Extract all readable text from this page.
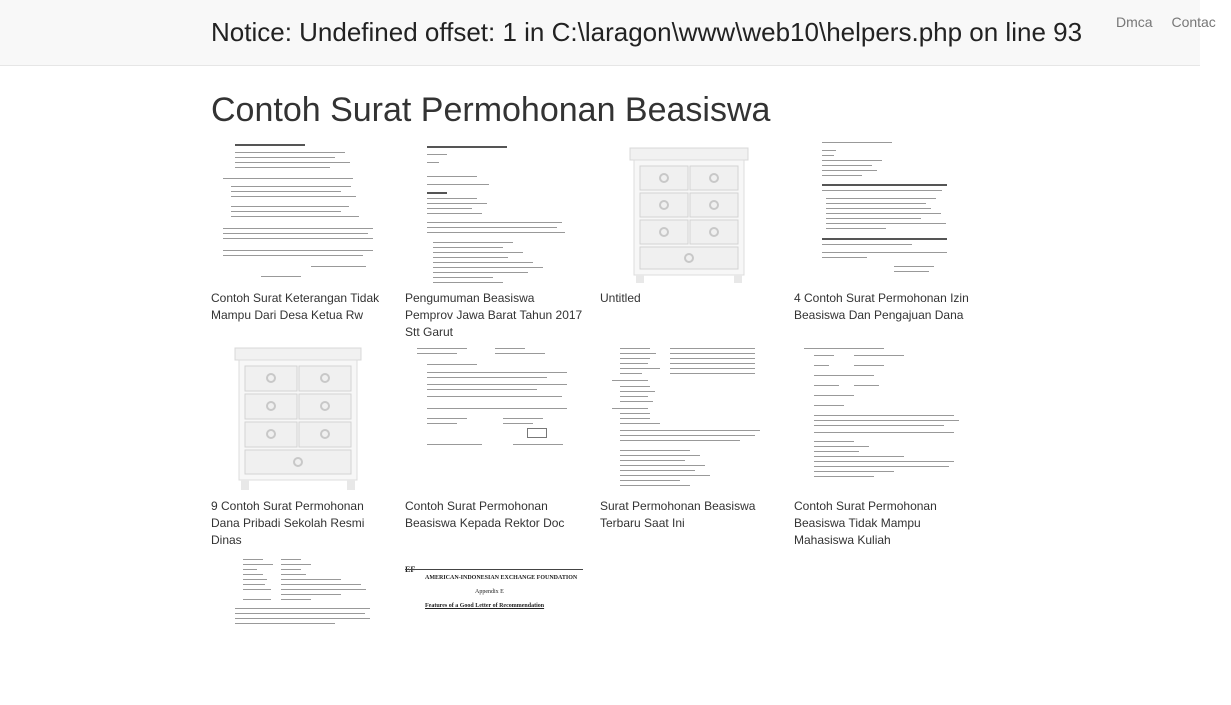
Notice: Undefined offset: 1 in C:\laragon\www\web10\helpers.php on line 93 Dmca Contac
Contoh Surat Permohonan Beasiswa
Contoh Surat Keterangan Tidak Mampu Dari Desa Ketua Rw
Pengumuman Beasiswa Pemprov Jawa Barat Tahun 2017 Stt Garut
Untitled	4 Contoh Surat Permohonan Izin Beasiswa Dan Pengajuan Dana
9 Contoh Surat Permohonan Dana Pribadi Sekolah Resmi Dinas
Contoh Surat Permohonan Beasiswa Kepada Rektor Doc
Surat Permohonan Beasiswa Terbaru Saat Ini
Contoh Surat Permohonan Beasiswa Tidak Mampu Mahasiswa Kuliah
AMERICAN-INDONESIAN EXCHANGE FOUNDATION
Appendix E
Features of a Good Letter of Recommendation
